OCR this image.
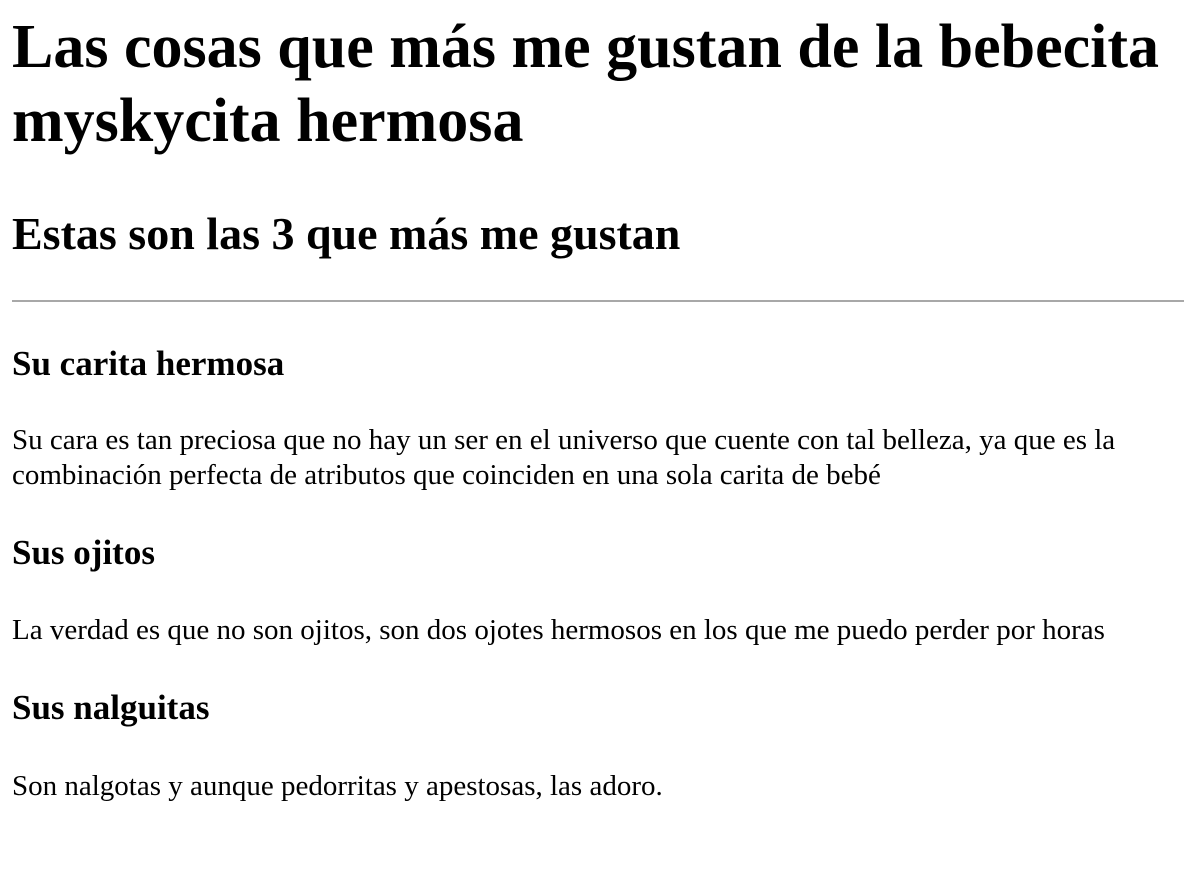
Las cosas que más me gustan de la bebecita myskycita hermosa
Estas son las 3 que más me gustan
Su carita hermosa

Su cara es tan preciosa que no hay un ser en el universo que cuente con tal belleza, ya que es la combinación perfecta de atributos que coinciden en una sola carita de bebé

Sus ojitos

La verdad es que no son ojitos, son dos ojotes hermosos en los que me puedo perder por horas

Sus nalguitas

Son nalgotas y aunque pedorritas y apestosas, las adoro.
